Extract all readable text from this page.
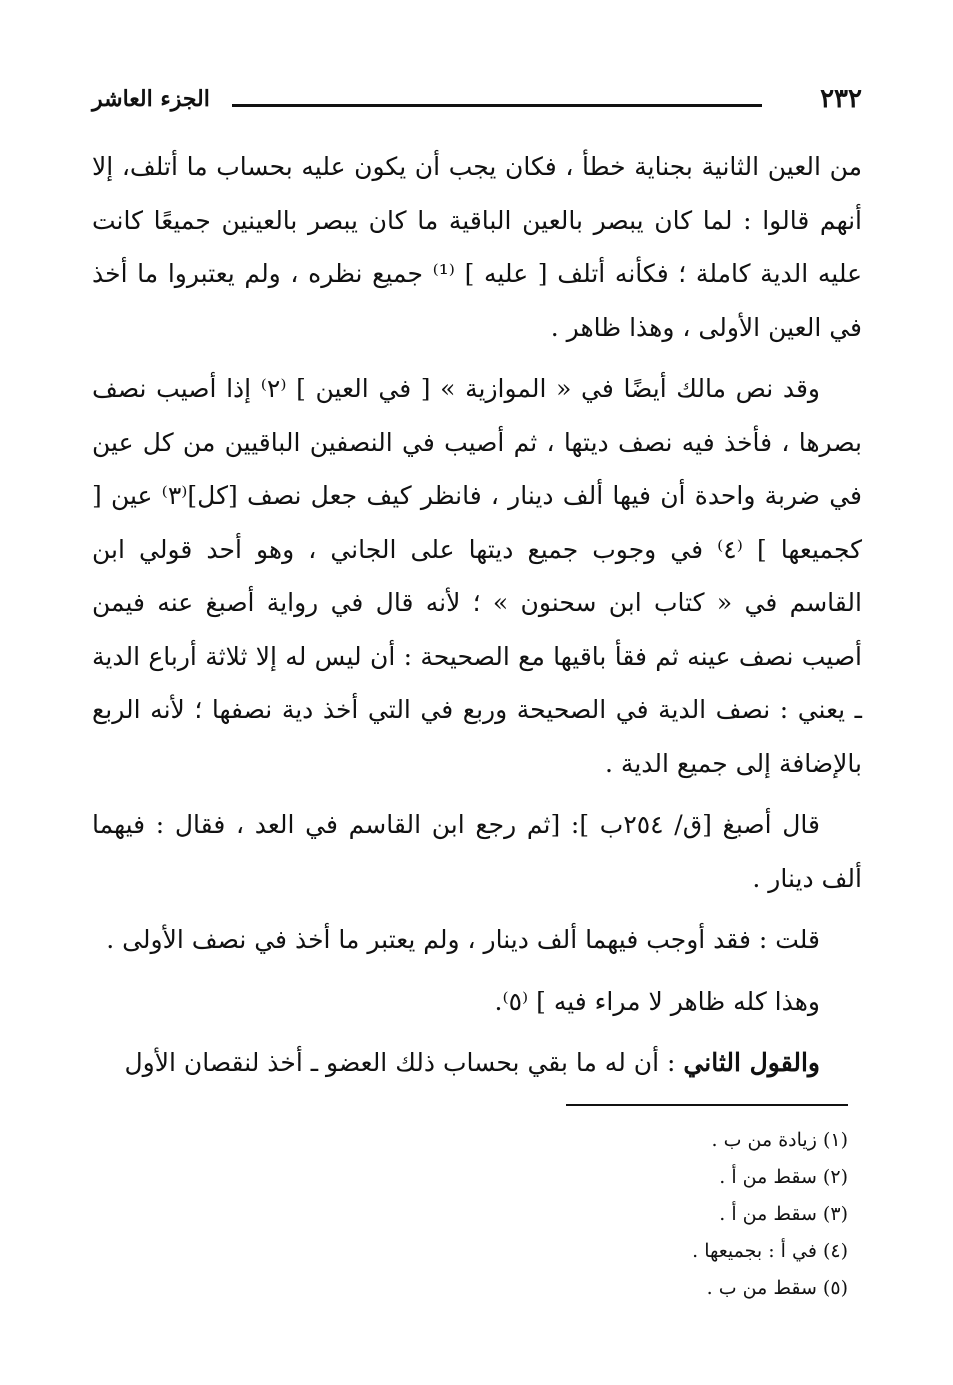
٢٣٢
الجزء العاشر

من العين الثانية بجناية خطأ ، فكان يجب أن يكون عليه بحساب ما أتلف، إلا أنهم قالوا : لما كان يبصر بالعين الباقية ما كان يبصر بالعينين جميعًا كانت عليه الدية كاملة ؛ فكأنه أتلف [ عليه ] ⁽¹⁾ جميع نظره ، ولم يعتبروا ما أخذ في العين الأولى ، وهذا ظاهر .

وقد نص مالك أيضًا في « الموازية » [ في العين ] ⁽٢⁾ إذا أصيب نصف بصرها ، فأخذ فيه نصف ديتها ، ثم أصيب في النصفين الباقيين من كل عين في ضربة واحدة أن فيها ألف دينار ، فانظر كيف جعل نصف [كل]⁽٣⁾ عين [ كجميعها ] ⁽٤⁾ في وجوب جميع ديتها على الجاني ، وهو أحد قولي ابن القاسم في « كتاب ابن سحنون » ؛ لأنه قال في رواية أصبغ عنه فيمن أصيب نصف عينه ثم فقأ باقيها مع الصحيحة : أن ليس له إلا ثلاثة أرباع الدية ـ يعني : نصف الدية في الصحيحة وربع في التي أخذ دية نصفها ؛ لأنه الربع بالإضافة إلى جميع الدية .

قال أصبغ [ق/ ٢٥٤ب ]: [ثم رجع ابن القاسم في العد ، فقال : فيهما ألف دينار .

قلت : فقد أوجب فيهما ألف دينار ، ولم يعتبر ما أخذ في نصف الأولى .

وهذا كله ظاهر لا مراء فيه ] ⁽٥⁾.

والقول الثاني : أن له ما بقي بحساب ذلك العضو ـ أخذ لنقصان الأول

(١) زيادة من ب .
(٢) سقط من أ .
(٣) سقط من أ .
(٤) في أ : بجميعها .
(٥) سقط من ب .
